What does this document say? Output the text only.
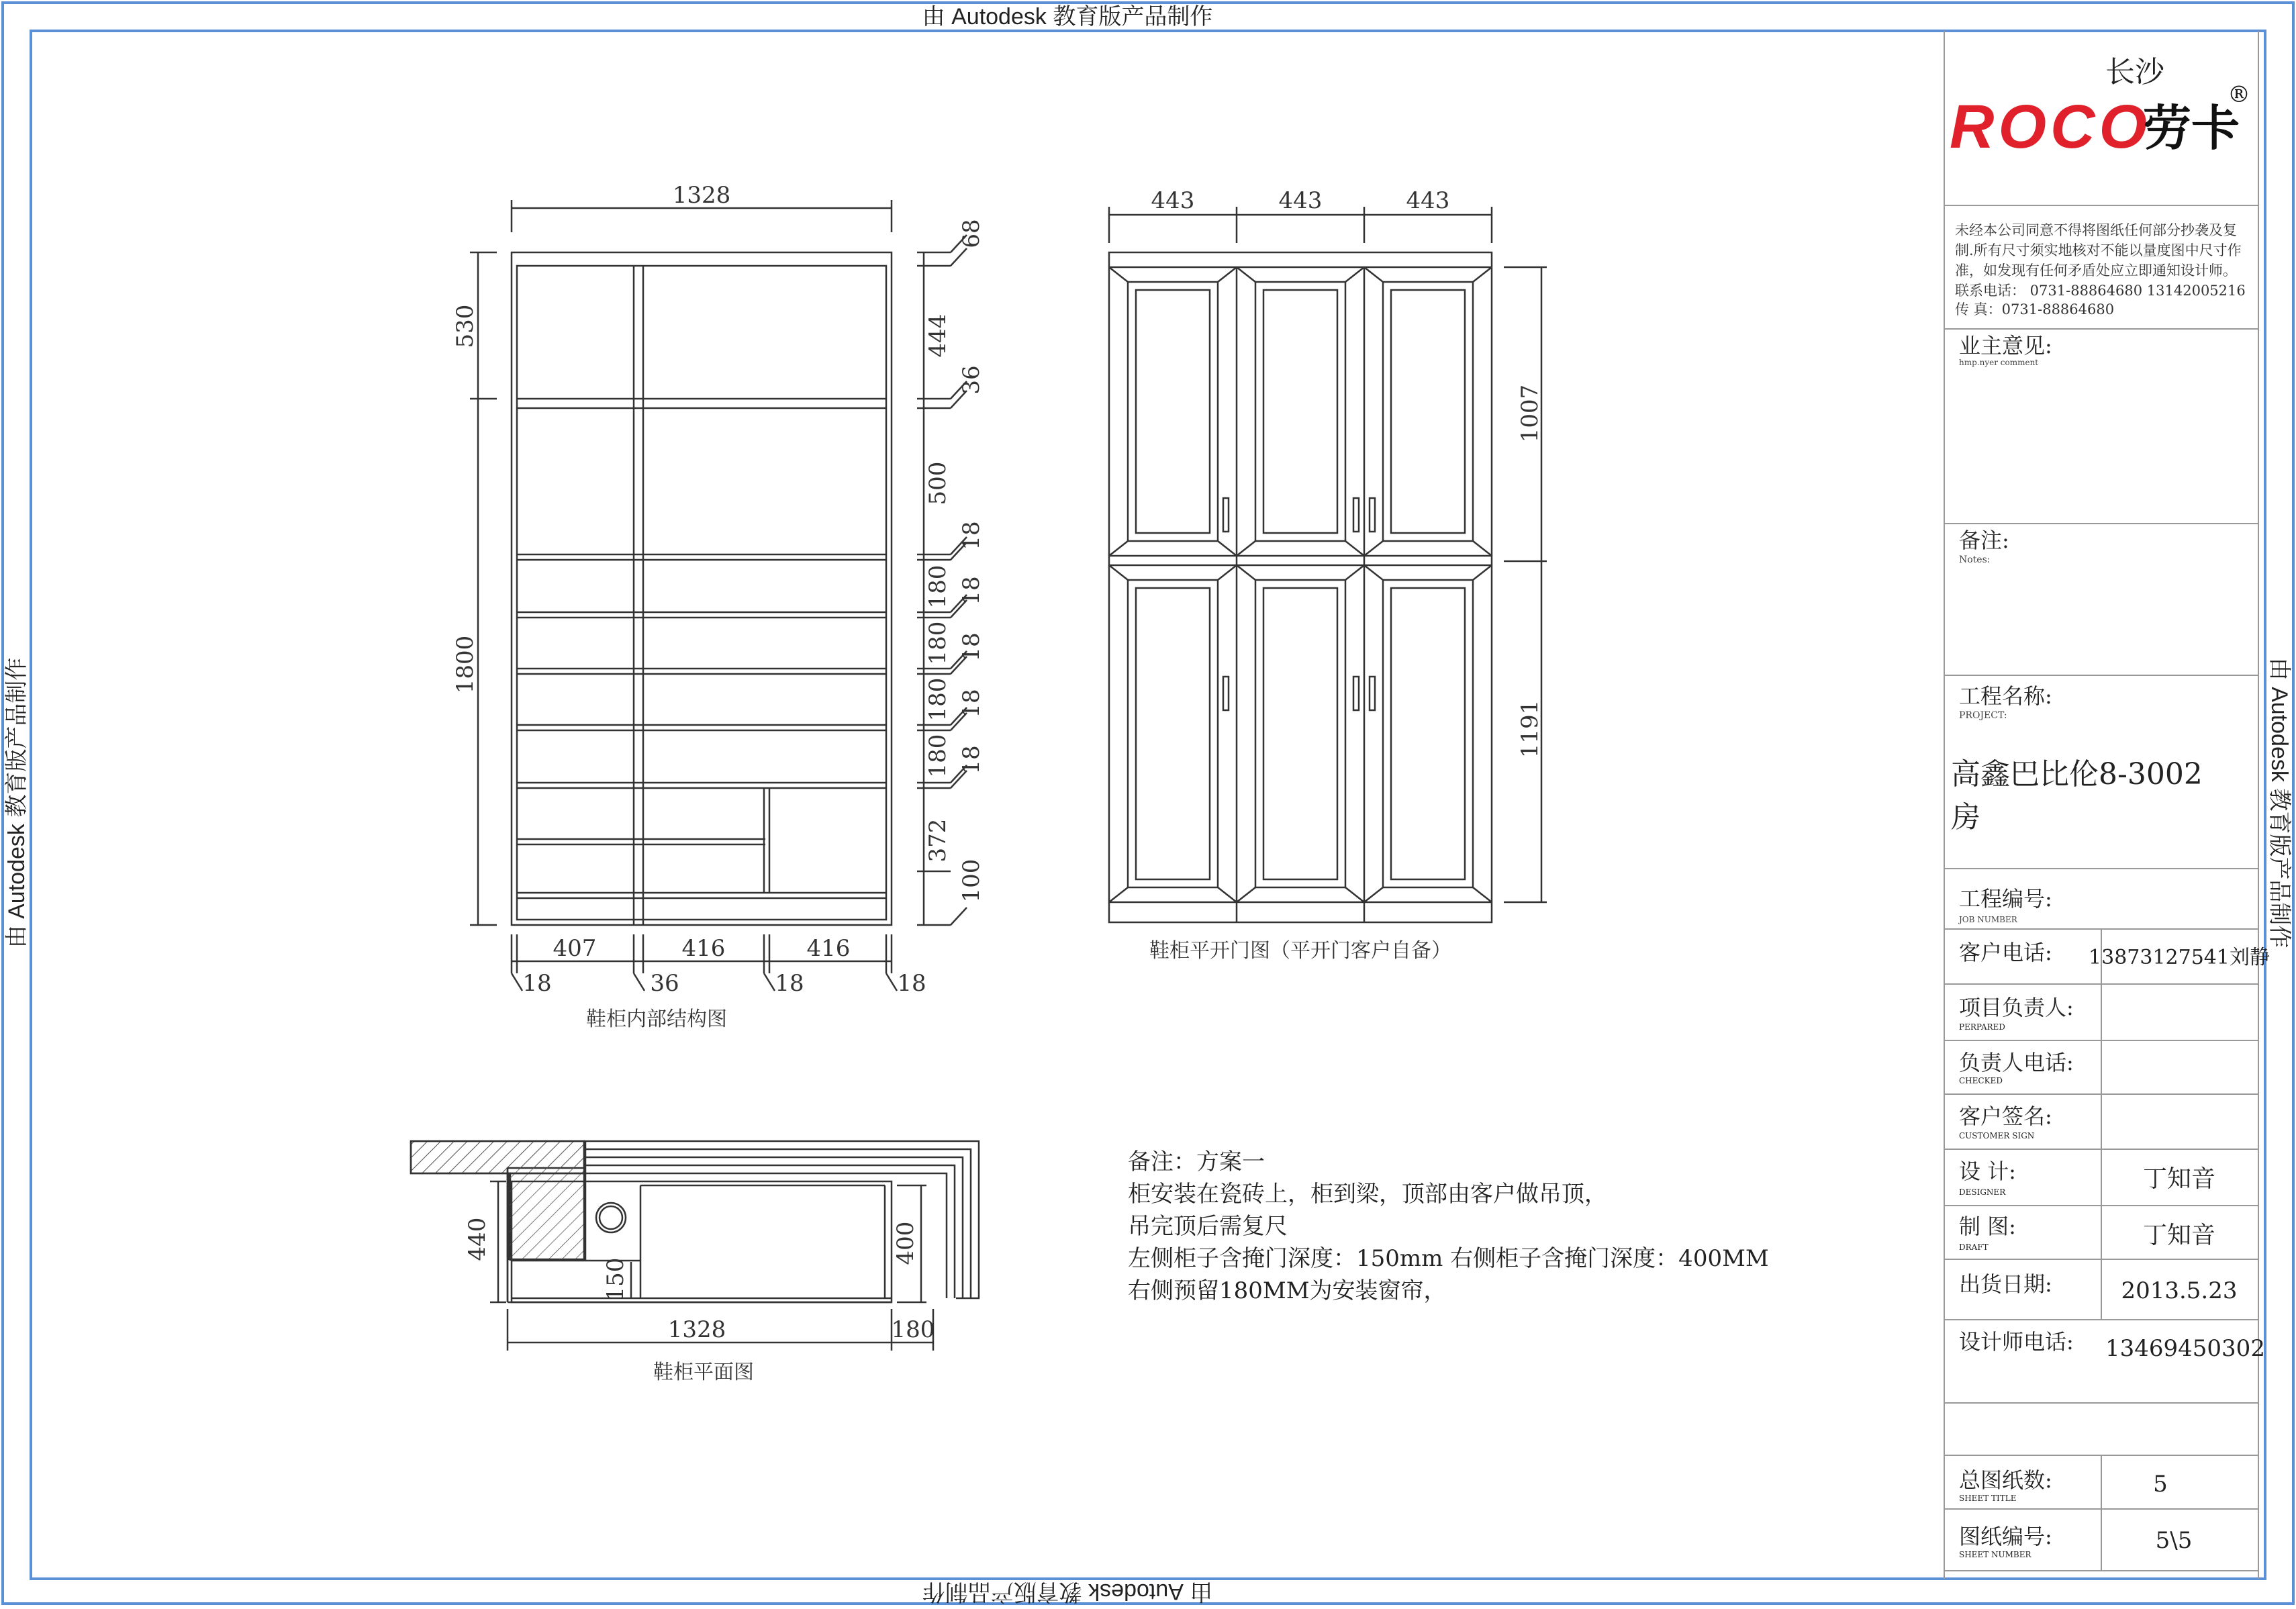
由 Autodesk 教育版产品制作
由 Autodesk 教育版产品制作
由 Autodesk 教育版产品制作	由 Autodesk 教育版产品制作
1328
530
1800
68
444
36
500
18
180 18
180 18
180 18
180 18
372
100
407	416	416
18	36	18	18
鞋柜内部结构图
443	443	443
1007
1191
鞋柜平开门图（平开门客户自备）
440	400
150
1328	180
鞋柜平面图
备注：方案一
柜安装在瓷砖上，柜到梁，顶部由客户做吊顶，
吊完顶后需复尺
左侧柜子含掩门深度：150mm 右侧柜子含掩门深度：400MM
右侧预留180MM为安装窗帘，
长沙
ROCO
劳卡
®
未经本公司同意不得将图纸任何部分抄袭及复
制.所有尺寸须实地核对不能以量度图中尺寸作
准，如发现有任何矛盾处应立即通知设计师。
联系电话： 0731-88864680 13142005216
传 真：0731-88864680
业主意见:
hmp.nyer comment
备注:
Notes:
工程名称:
PROJECT:
高鑫巴比伦8-3002
房
工程编号:
JOB NUMBER
客户电话: 13873127541刘静
项目负责人:
PERPARED
负责人电话:
CHECKED
客户签名:
CUSTOMER SIGN
设 计:
DESIGNER	丁知音
制 图:
DRAFT	丁知音
出货日期:	2013.5.23
设计师电话: 13469450302
总图纸数:
SHEET TITLE
5
图纸编号:
SHEET NUMBER
5\5
